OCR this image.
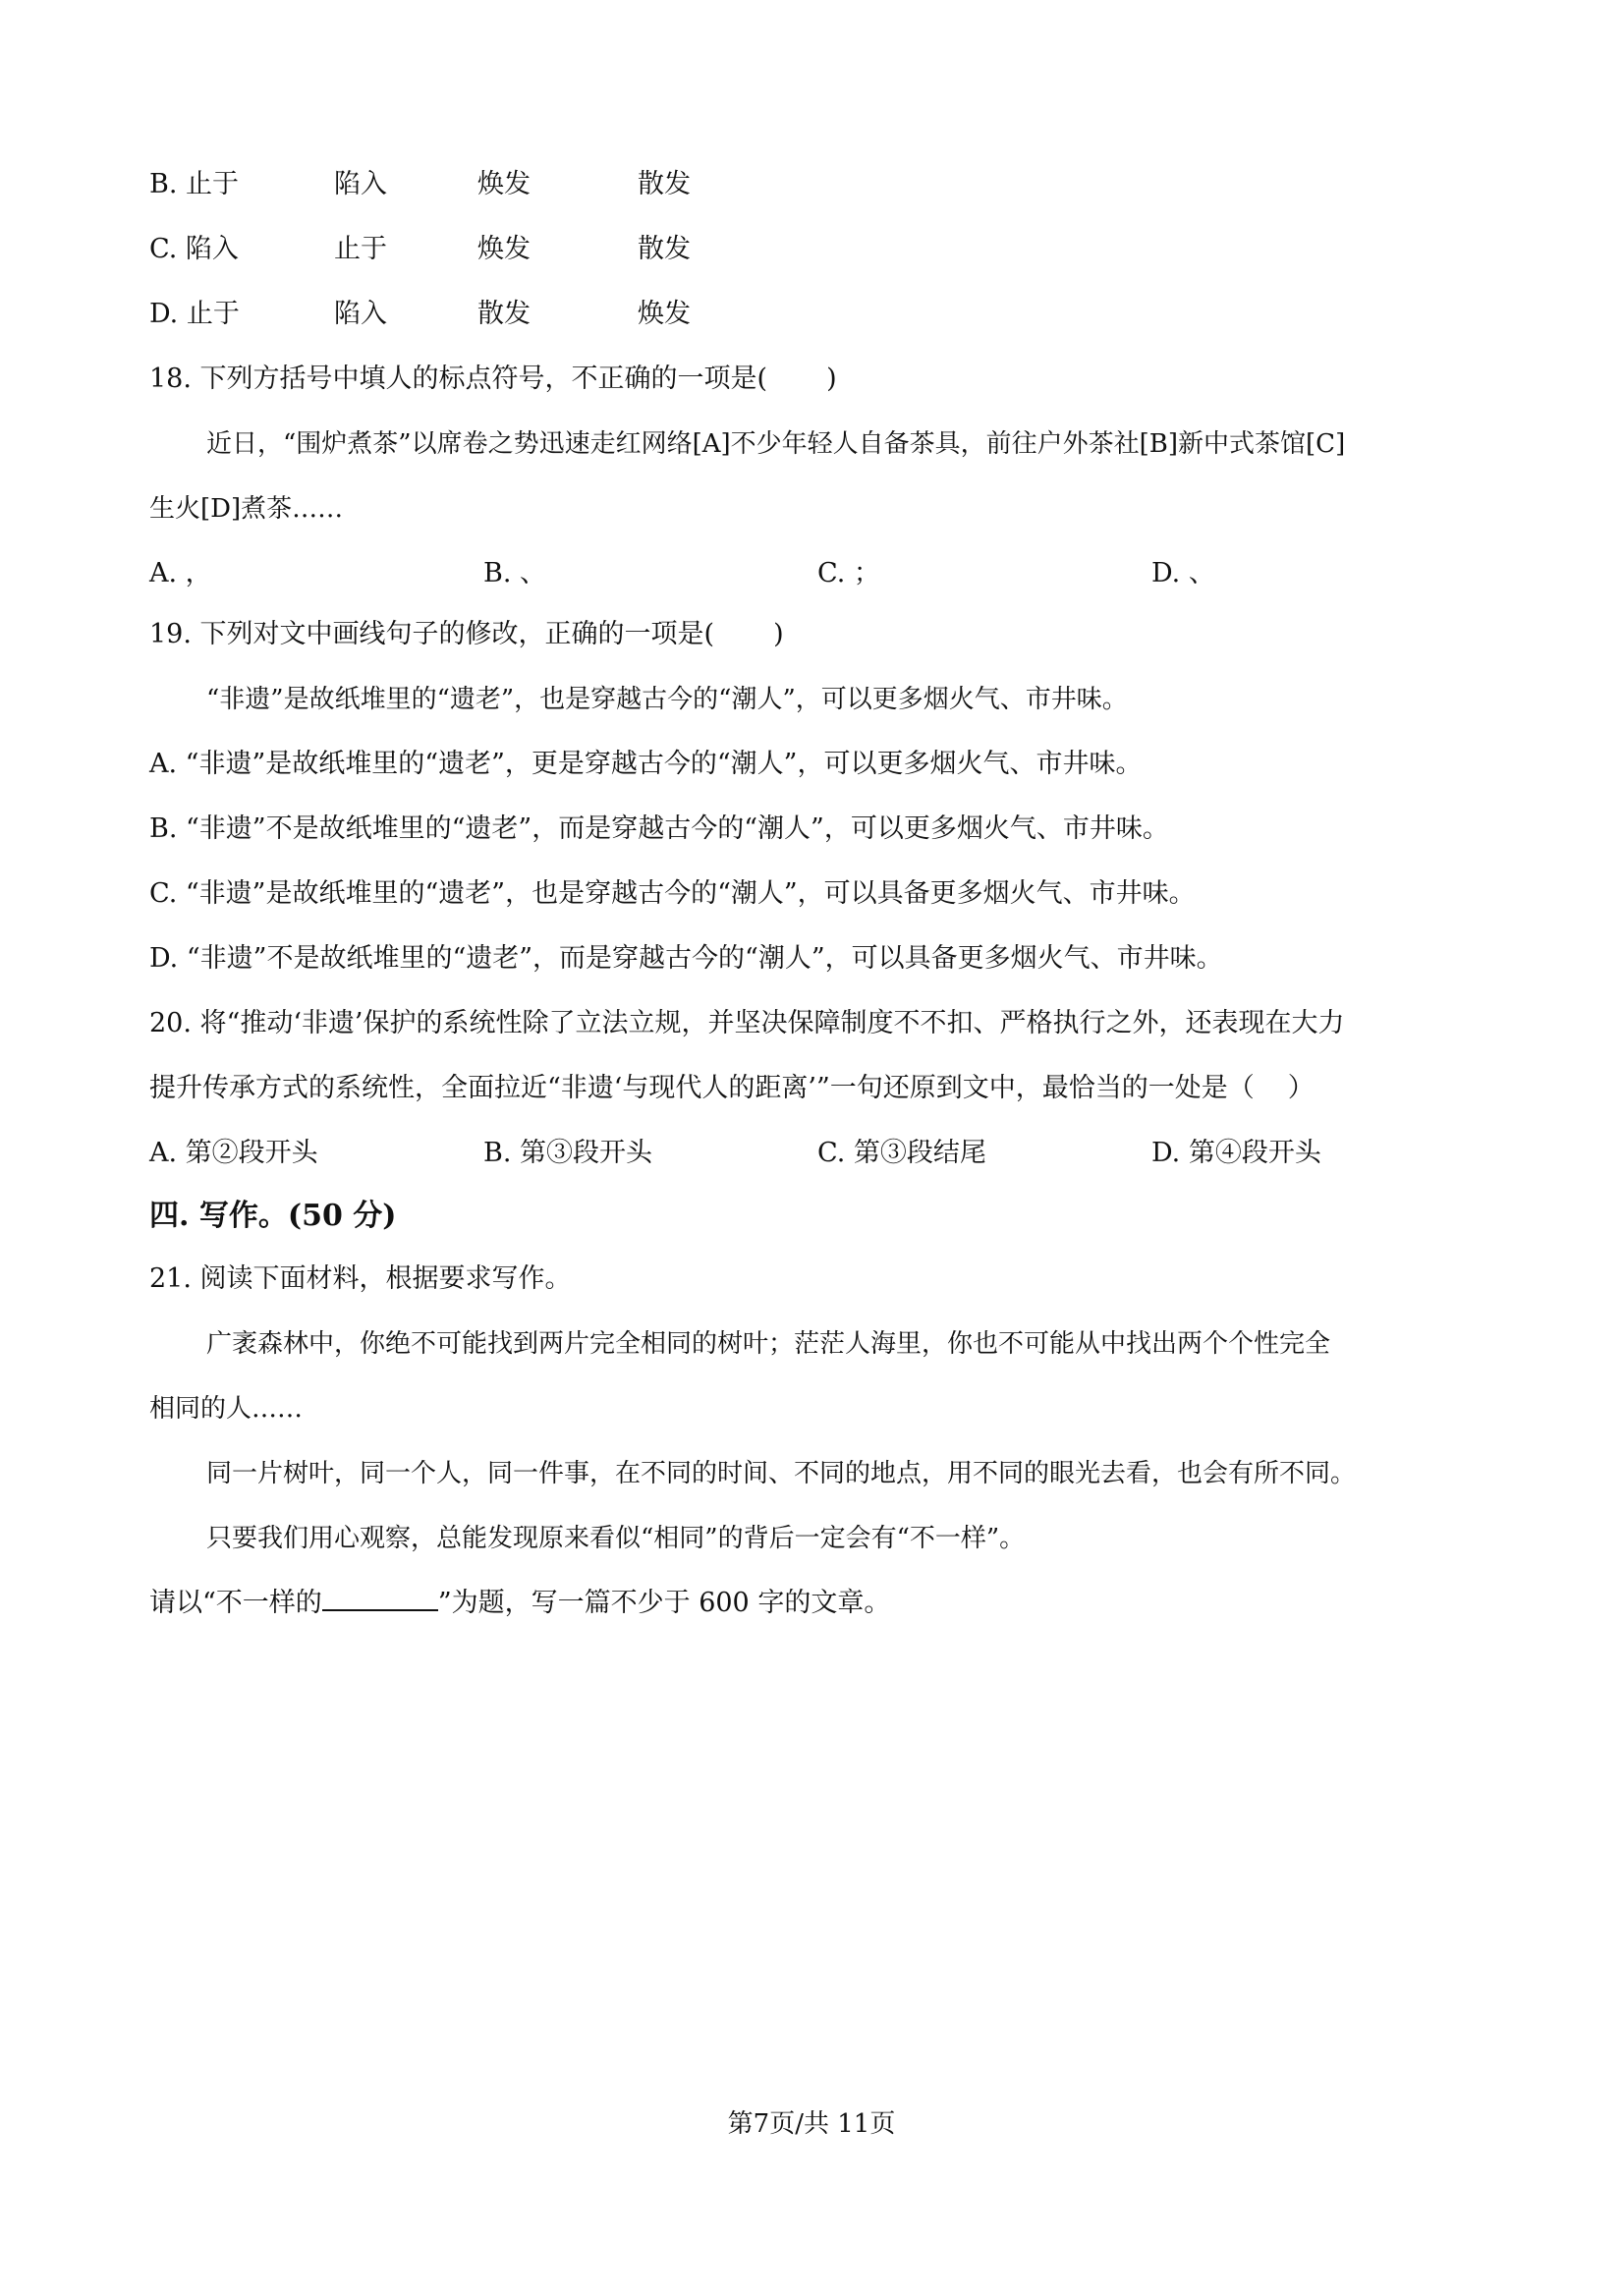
B. 止于	陷入	焕发	散发
C. 陷入	止于	焕发	散发
D. 止于	陷入	散发	焕发
18. 下列方括号中填人的标点符号，不正确的一项是( )
近日，“围炉煮茶”以席卷之势迅速走红网络[A]不少年轻人自备茶具，前往户外茶社[B]新中式茶馆[C]
生火[D]煮茶……
A. ，	B. 、	C. ；	D. 、
19. 下列对文中画线句子的修改，正确的一项是( )
“非遗”是故纸堆里的“遗老”，也是穿越古今的“潮人”，可以更多烟火气、市井味。
A. “非遗”是故纸堆里的“遗老”，更是穿越古今的“潮人”，可以更多烟火气、市井味。
B. “非遗”不是故纸堆里的“遗老”，而是穿越古今的“潮人”，可以更多烟火气、市井味。
C. “非遗”是故纸堆里的“遗老”，也是穿越古今的“潮人”，可以具备更多烟火气、市井味。
D. “非遗”不是故纸堆里的“遗老”，而是穿越古今的“潮人”，可以具备更多烟火气、市井味。
20. 将“推动‘非遗’保护的系统性除了立法立规，并坚决保障制度不不扣、严格执行之外，还表现在大力
提升传承方式的系统性，全面拉近“非遗‘与现代人的距离’”一句还原到文中，最恰当的一处是（ ）
A. 第②段开头	B. 第③段开头	C. 第③段结尾	D. 第④段开头
四. 写作。(50 分)
21. 阅读下面材料，根据要求写作。
广袤森林中，你绝不可能找到两片完全相同的树叶；茫茫人海里，你也不可能从中找出两个个性完全
相同的人……
同一片树叶，同一个人，同一件事，在不同的时间、不同的地点，用不同的眼光去看，也会有所不同。
只要我们用心观察，总能发现原来看似“相同”的背后一定会有“不一样”。
请以“不一样的	”为题，写一篇不少于 600 字的文章。
第7页/共 11页
